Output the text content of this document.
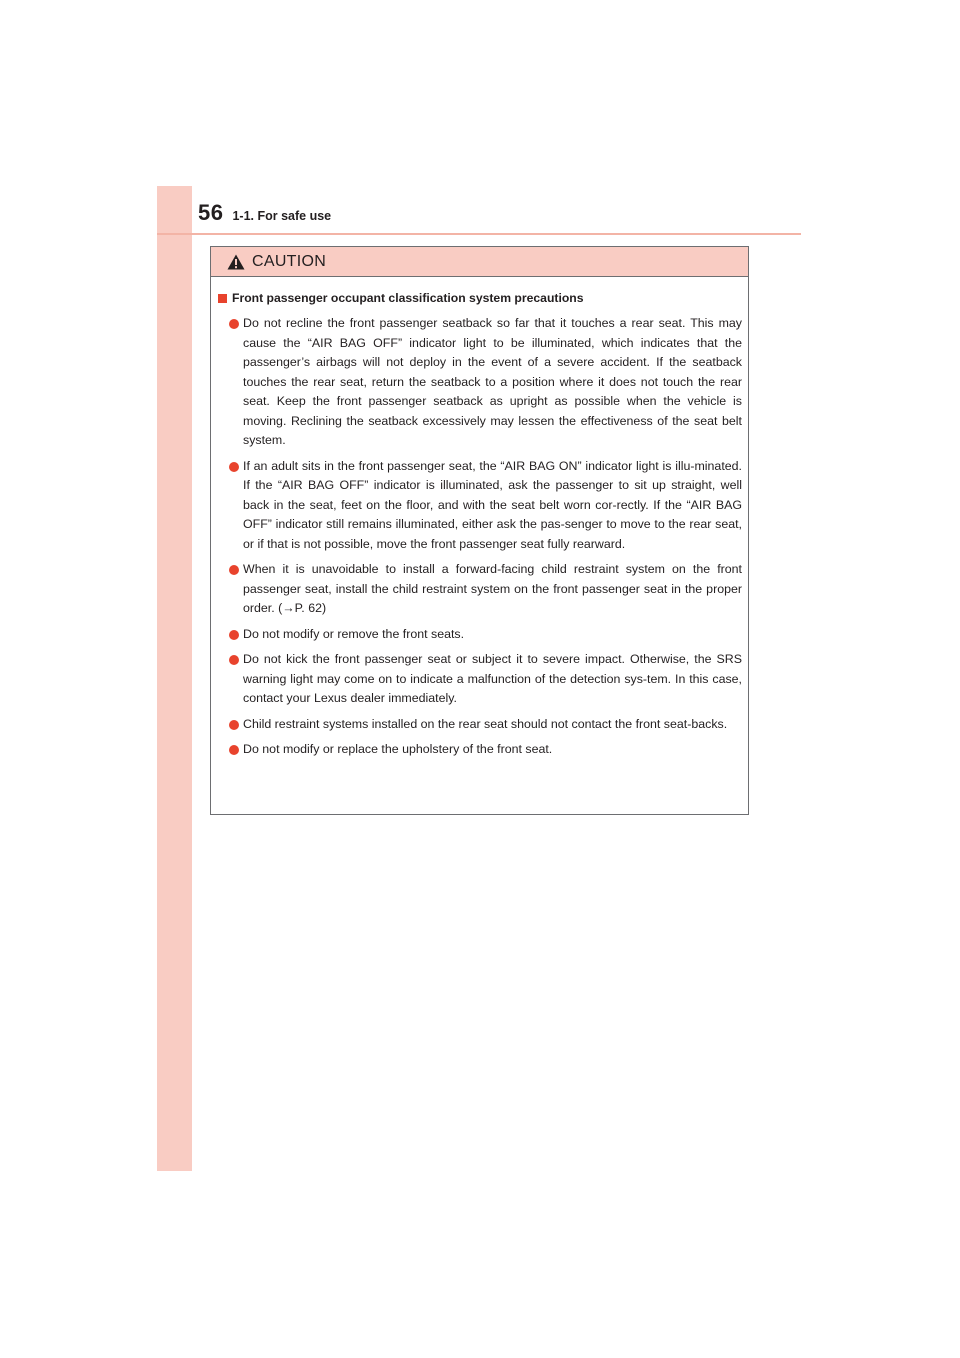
56 1-1. For safe use
CAUTION
Front passenger occupant classification system precautions
Do not recline the front passenger seatback so far that it touches a rear seat. This may cause the “AIR BAG OFF” indicator light to be illuminated, which indicates that the passenger’s airbags will not deploy in the event of a severe accident. If the seatback touches the rear seat, return the seatback to a position where it does not touch the rear seat. Keep the front passenger seatback as upright as possible when the vehicle is moving. Reclining the seatback excessively may lessen the effectiveness of the seat belt system.
If an adult sits in the front passenger seat, the “AIR BAG ON” indicator light is illu-minated. If the “AIR BAG OFF” indicator is illuminated, ask the passenger to sit up straight, well back in the seat, feet on the floor, and with the seat belt worn cor-rectly. If the “AIR BAG OFF” indicator still remains illuminated, either ask the pas-senger to move to the rear seat, or if that is not possible, move the front passenger seat fully rearward.
When it is unavoidable to install a forward-facing child restraint system on the front passenger seat, install the child restraint system on the front passenger seat in the proper order. (→P. 62)
Do not modify or remove the front seats.
Do not kick the front passenger seat or subject it to severe impact. Otherwise, the SRS warning light may come on to indicate a malfunction of the detection sys-tem. In this case, contact your Lexus dealer immediately.
Child restraint systems installed on the rear seat should not contact the front seat-backs.
Do not modify or replace the upholstery of the front seat.
